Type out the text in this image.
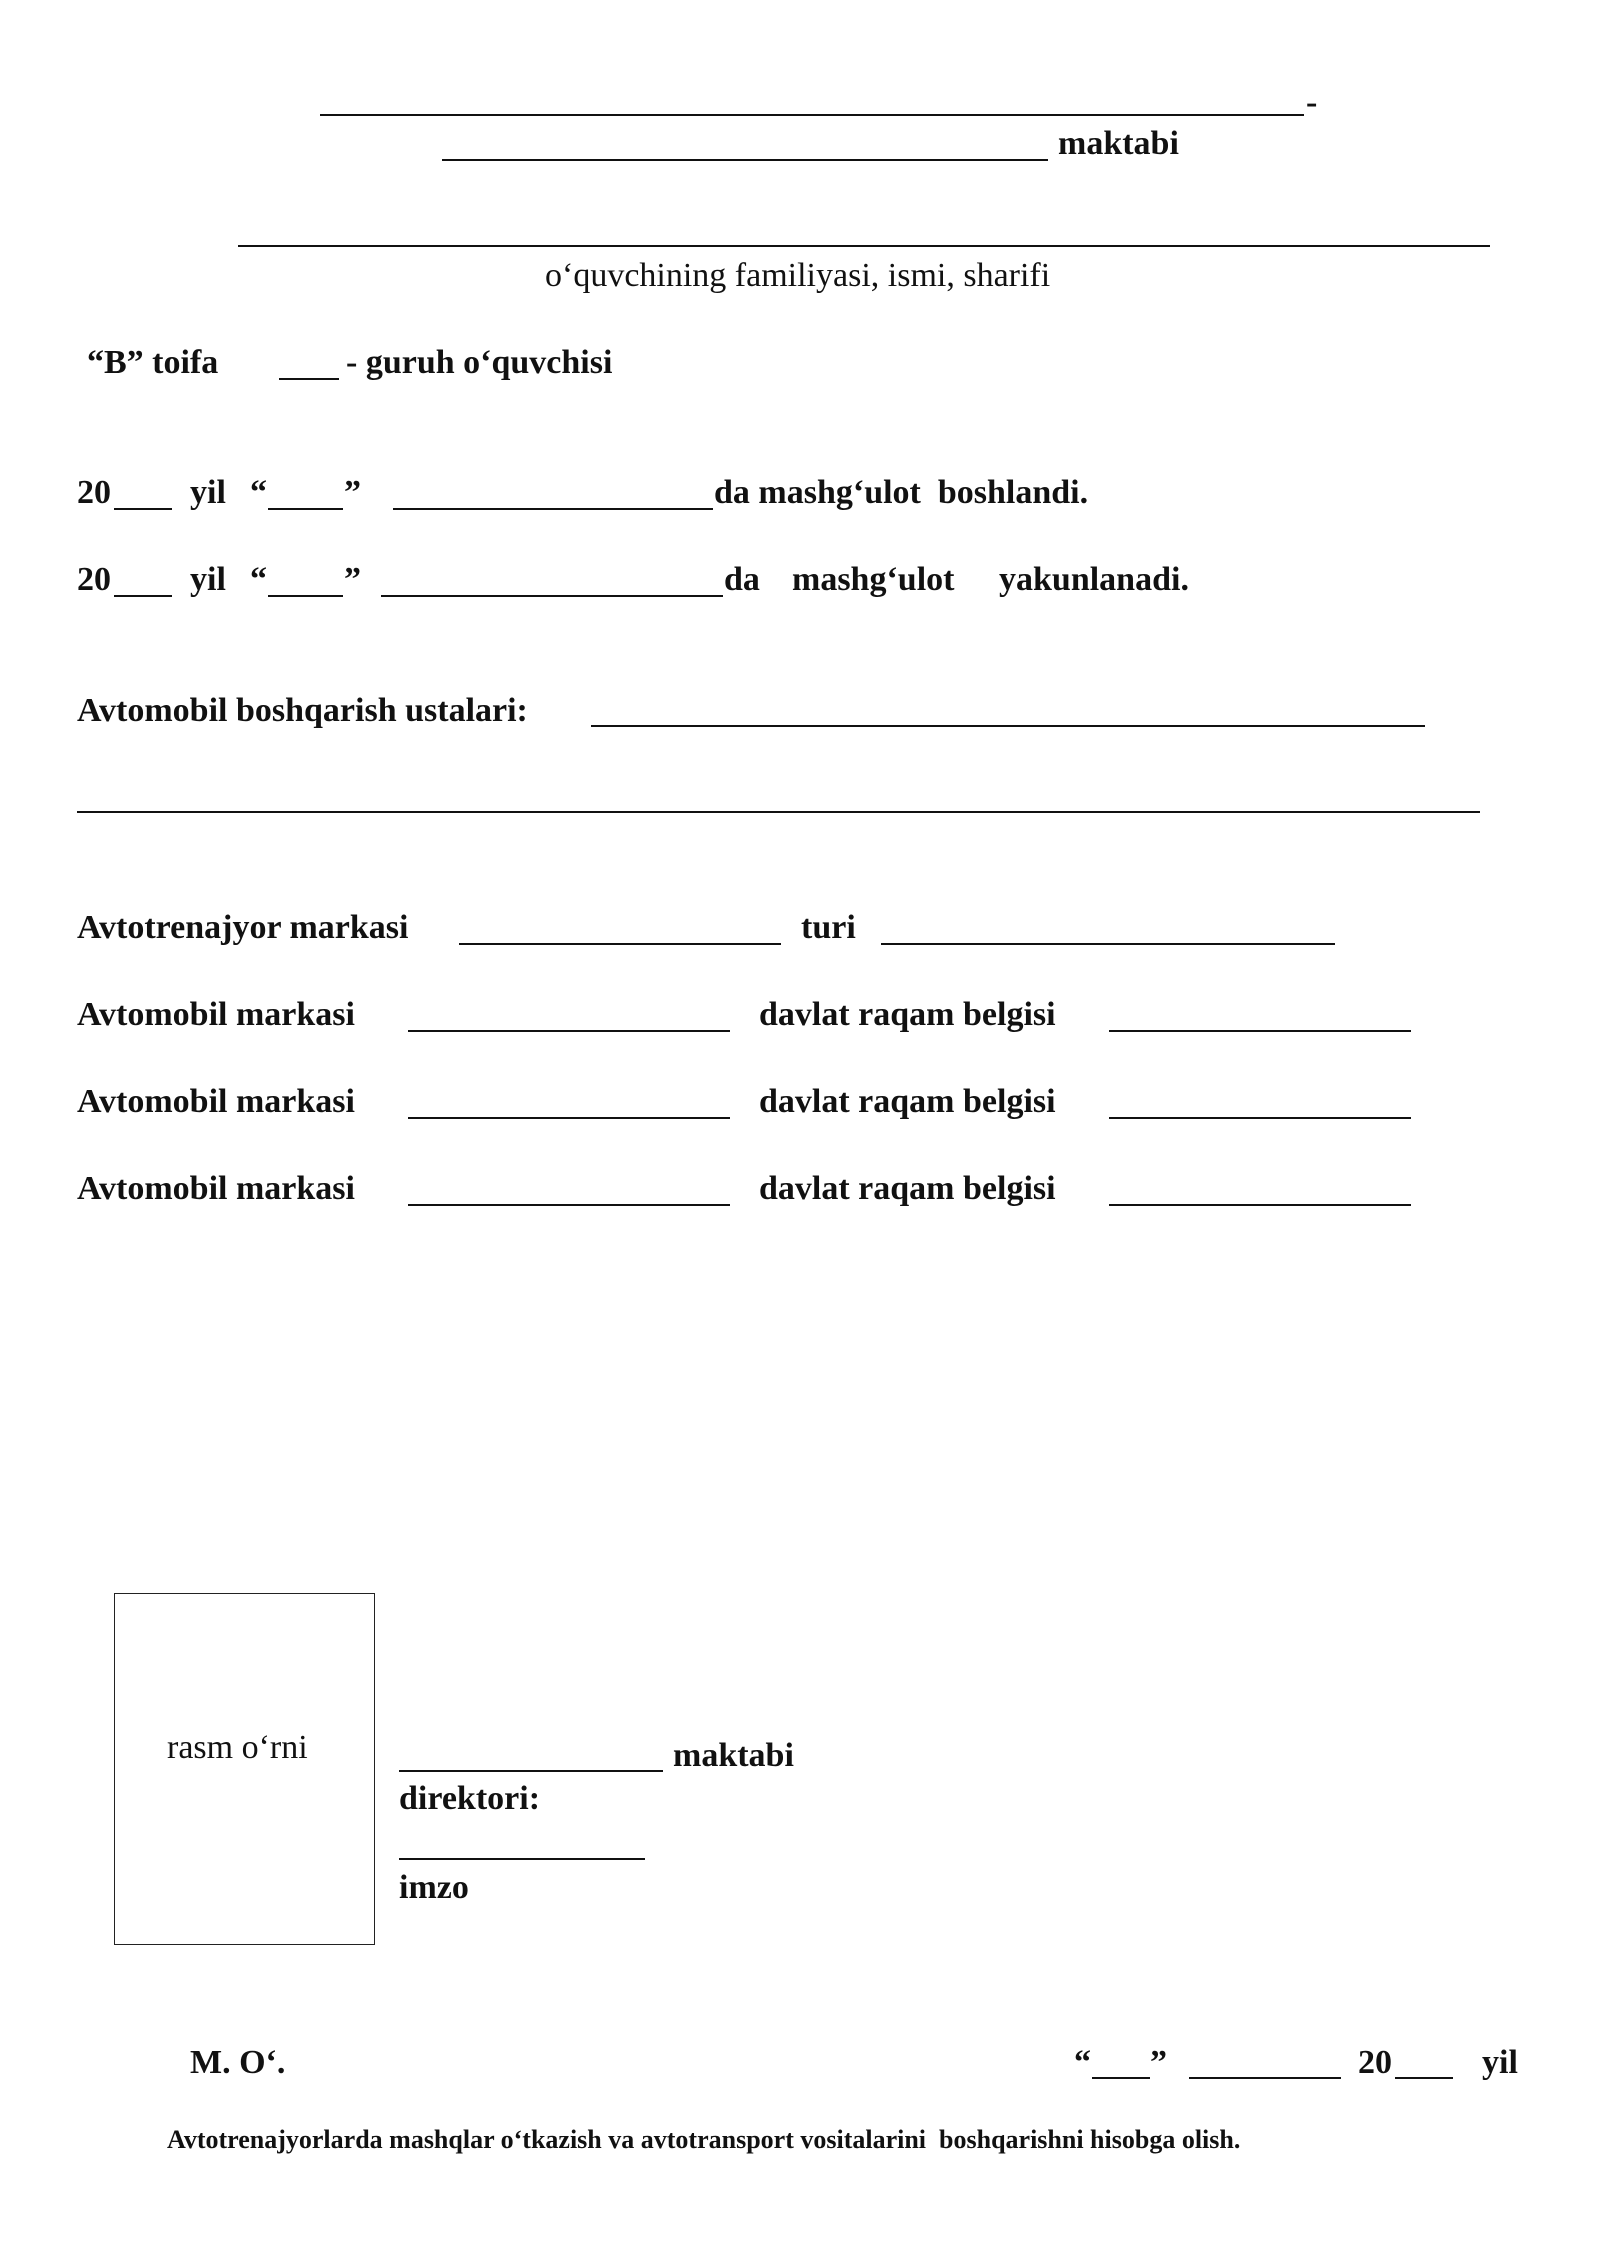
-
maktabi
o‘quvchining familiyasi, ismi, sharifi
“B” toifa	- guruh o‘quvchisi
20 yil “ ”	da mashg‘ulot  boshlandi.
20 yil “ ”	da mashg‘ulot yakunlanadi.
Avtomobil boshqarish ustalari:
Avtotrenajyor markasi	turi
Avtomobil markasi	davlat raqam belgisi
Avtomobil markasi	davlat raqam belgisi
Avtomobil markasi	davlat raqam belgisi
rasm o‘rni	maktabi
direktori:
imzo
M. O‘.	“ ”	20	yil
Avtotrenajyorlarda mashqlar o‘tkazish va avtotransport vositalarini  boshqarishni hisobga olish.
